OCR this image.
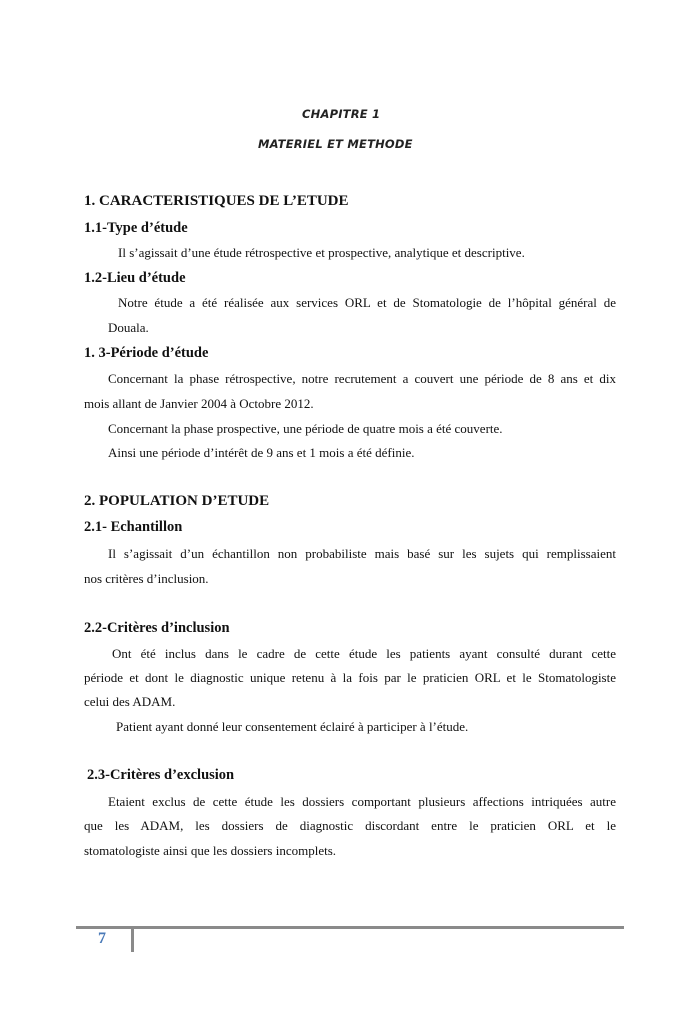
CHAPITRE 1
MATERIEL ET METHODE
1. CARACTERISTIQUES DE L’ETUDE
1.1-Type d’étude
Il s’agissait d’une étude rétrospective et prospective, analytique et descriptive.
1.2-Lieu d’étude
Notre étude a été réalisée aux services ORL et de Stomatologie de l’hôpital général de
Douala.
1. 3-Période d’étude
Concernant la phase rétrospective, notre recrutement a couvert une période de 8 ans et dix
mois allant de Janvier 2004 à Octobre 2012.
Concernant la phase prospective, une période de quatre mois a été couverte.
Ainsi une période d’intérêt de 9 ans et 1 mois a été définie.
2. POPULATION D’ETUDE
2.1- Echantillon
Il s’agissait d’un échantillon non probabiliste mais basé sur les sujets qui remplissaient
nos critères d’inclusion.
2.2-Critères d’inclusion
Ont été inclus dans le cadre de cette étude les patients ayant consulté durant cette
période et dont le diagnostic unique retenu à la fois par le praticien ORL et le Stomatologiste
celui des ADAM.
Patient ayant donné leur consentement éclairé à participer à l’étude.
2.3-Critères d’exclusion
Etaient exclus de cette étude les dossiers comportant plusieurs affections intriquées autre
que les ADAM, les dossiers de diagnostic discordant entre le praticien ORL et le
stomatologiste ainsi que les dossiers incomplets.
7
